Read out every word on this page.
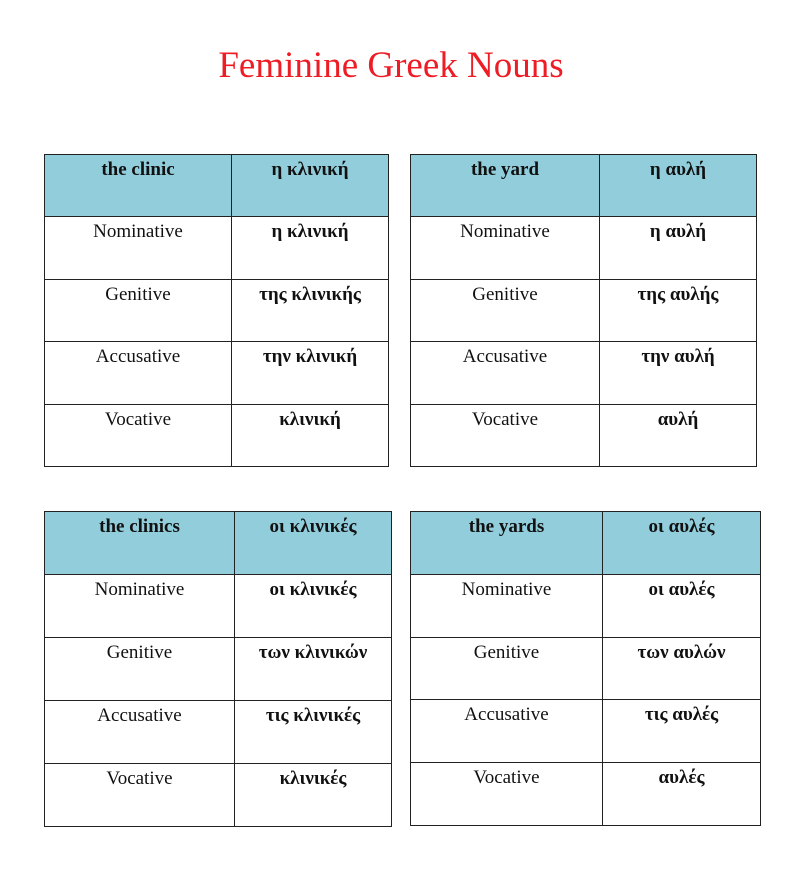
Feminine Greek Nouns
the clinic	η κλινική
Nominative	η κλινική
Genitive	της κλινικής
Accusative	την κλινική
Vocative	κλινική
the yard	η αυλή
Nominative	η αυλή
Genitive	της αυλής
Accusative	την αυλή
Vocative	αυλή
the clinics	οι κλινικές
Nominative	οι κλινικές
Genitive	των κλινικών
Accusative	τις κλινικές
Vocative	κλινικές
the yards	οι αυλές
Nominative	οι αυλές
Genitive	των αυλών
Accusative	τις αυλές
Vocative	αυλές
